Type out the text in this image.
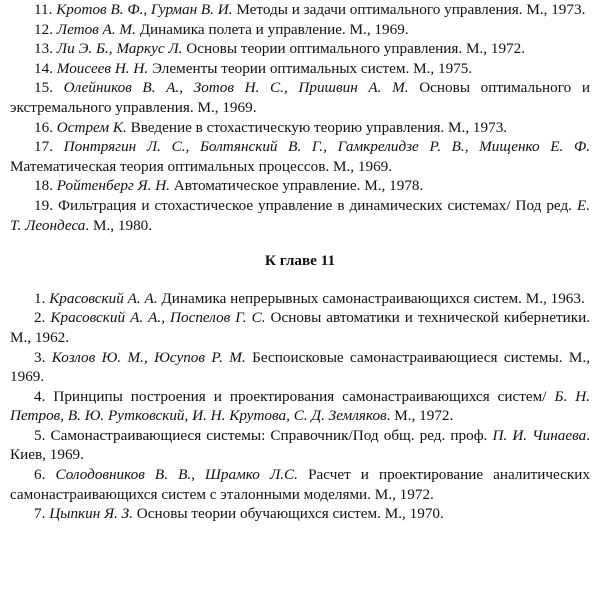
11. Кротов В. Ф., Гурман В. И. Методы и задачи оптимального управления. М., 1973.

12. Летов А. М. Динамика полета и управление. М., 1969.

13. Ли Э. Б., Маркус Л. Основы теории оптимального управления. М., 1972.

14. Моисеев Н. Н. Элементы теории оптимальных систем. М., 1975.

15. Олейников В. А., Зотов Н. С., Пришвин А. М. Основы оптимального и экстремального управления. М., 1969.

16. Острем К. Введение в стохастическую теорию управления. М., 1973.

17. Понтрягин Л. С., Болтянский В. Г., Гамкрелидзе Р. В., Мищенко Е. Ф. Математическая теория оптимальных процессов. М., 1969.

18. Ройтенберг Я. Н. Автоматическое управление. М., 1978.

19. Фильтрация и стохастическое управление в динамических системах/ Под ред. Е. Т. Леондеса. М., 1980.

К главе 11

1. Красовский А. А. Динамика непрерывных самонастраивающихся систем. М., 1963.

2. Красовский А. А., Поспелов Г. С. Основы автоматики и технической кибернетики. М., 1962.

3. Козлов Ю. М., Юсупов Р. М. Беспоисковые самонастраивающиеся системы. М., 1969.

4. Принципы построения и проектирования самонастраивающихся систем/ Б. Н. Петров, В. Ю. Рутковский, И. Н. Крутова, С. Д. Земляков. М., 1972.

5. Самонастраивающиеся системы: Справочник/Под общ. ред. проф. П. И. Чинаева. Киев, 1969.

6. Солодовников В. В., Шрамко Л.С. Расчет и проектирование аналитических самонастраивающихся систем с эталонными моделями. М., 1972.

7. Цыпкин Я. З. Основы теории обучающихся систем. М., 1970.
